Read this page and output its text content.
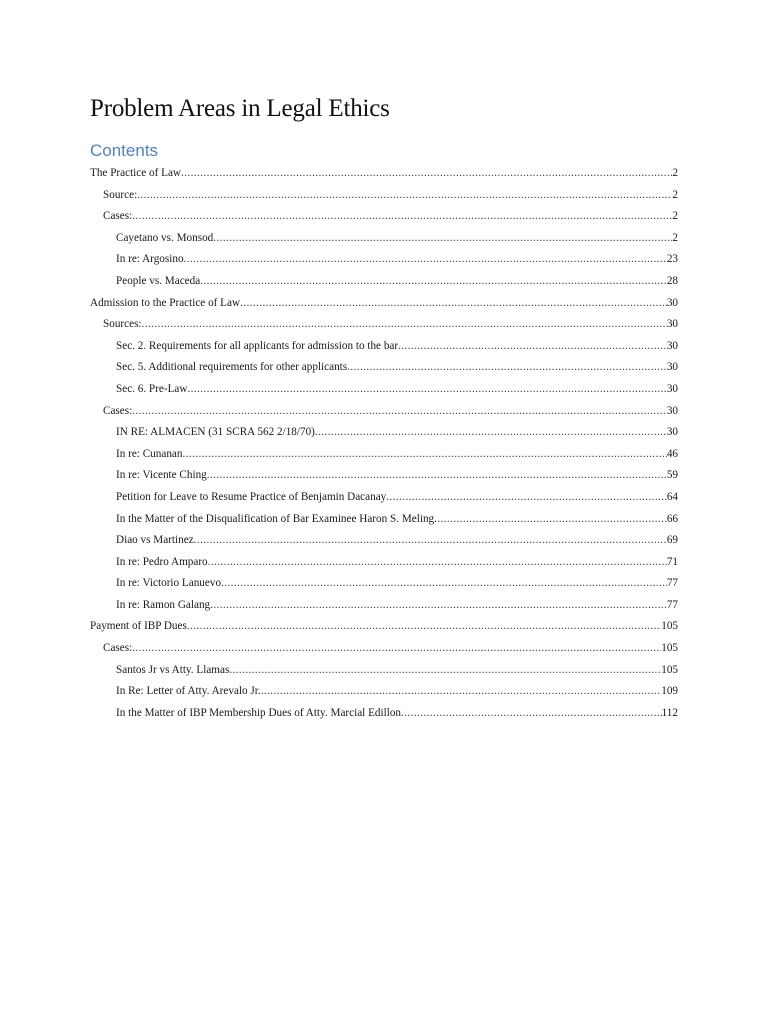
Problem Areas in Legal Ethics
Contents
The Practice of Law .....	2
Source: .....	2
Cases: .....	2
Cayetano vs. Monsod .....	2
In re: Argosino .....	23
People vs. Maceda .....	28
Admission to the Practice of Law .....	30
Sources: .....	30
Sec. 2. Requirements for all applicants for admission to the bar .....	30
Sec. 5. Additional requirements for other applicants .....	30
Sec. 6. Pre-Law .....	30
Cases: .....	30
IN RE: ALMACEN (31 SCRA 562 2/18/70) .....	30
In re: Cunanan .....	46
In re: Vicente Ching .....	59
Petition for Leave to Resume Practice of Benjamin Dacanay .....	64
In the Matter of the Disqualification of Bar Examinee Haron S. Meling .....	66
Diao vs Martinez .....	69
In re: Pedro Amparo .....	71
In re: Victorio Lanuevo .....	77
In re: Ramon Galang .....	77
Payment of IBP Dues .....	105
Cases: .....	105
Santos Jr vs Atty. Llamas .....	105
In Re: Letter of Atty. Arevalo Jr. .....	109
In the Matter of IBP Membership Dues of Atty. Marcial Edillon .....	112
